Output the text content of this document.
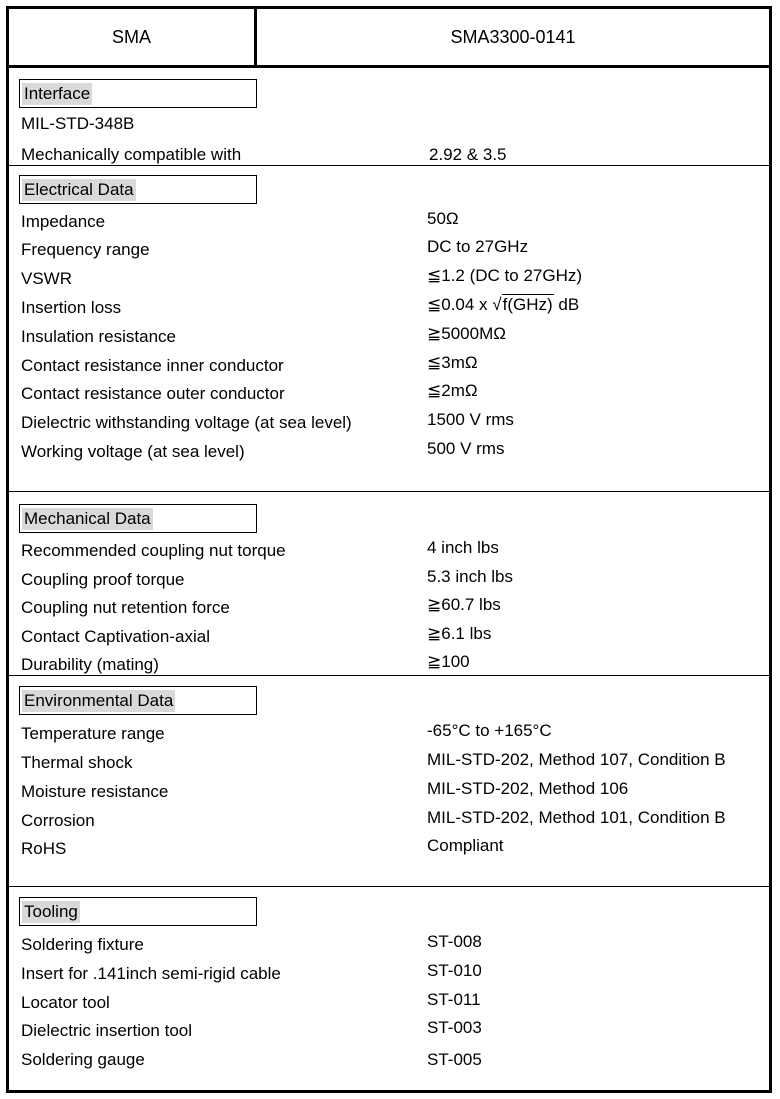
SMA	SMA3300-0141
Interface
MIL-STD-348B
Mechanically compatible with	2.92 & 3.5
Electrical Data
Impedance	50Ω
Frequency range	DC to 27GHz
VSWR	≦1.2 (DC to 27GHz)
Insertion loss	≦0.04 x √f(GHz) dB
Insulation resistance	≧5000MΩ
Contact resistance inner conductor	≦3mΩ
Contact resistance outer conductor	≦2mΩ
Dielectric withstanding voltage (at sea level)	1500 V rms
Working voltage (at sea level)	500 V rms
Mechanical Data
Recommended coupling nut torque	4 inch lbs
Coupling proof torque	5.3 inch lbs
Coupling nut retention force	≧60.7 lbs
Contact Captivation-axial	≧6.1 lbs
Durability (mating)	≧100
Environmental Data
Temperature range	-65°C to +165°C
Thermal shock	MIL-STD-202, Method 107, Condition B
Moisture resistance	MIL-STD-202, Method 106
Corrosion	MIL-STD-202, Method 101, Condition B
RoHS	Compliant
Tooling
Soldering fixture	ST-008
Insert for .141inch semi-rigid cable	ST-010
Locator tool	ST-011
Dielectric insertion tool	ST-003
Soldering gauge	ST-005
